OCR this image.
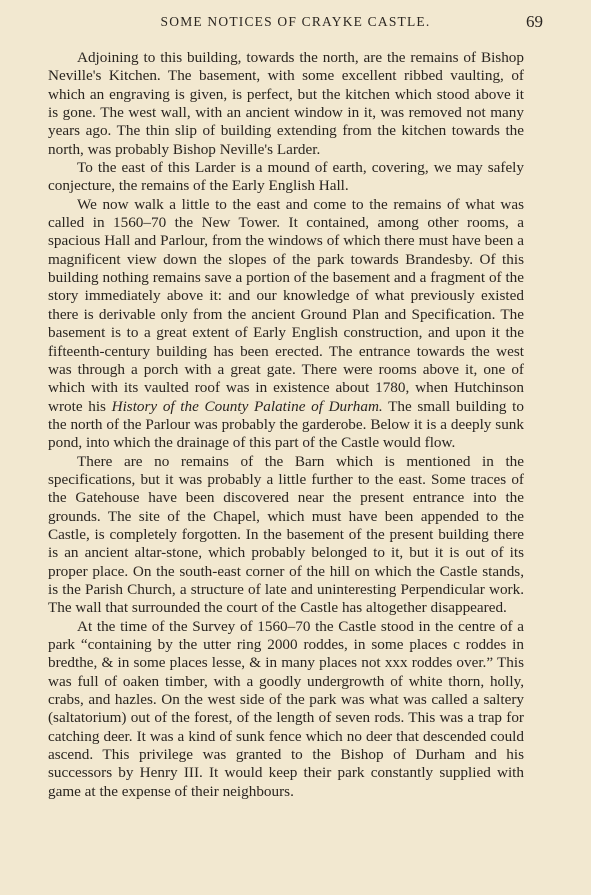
SOME NOTICES OF CRAYKE CASTLE.	69

Adjoining to this building, towards the north, are the remains of Bishop Neville's Kitchen. The basement, with some excellent ribbed vaulting, of which an engraving is given, is perfect, but the kitchen which stood above it is gone. The west wall, with an ancient window in it, was removed not many years ago. The thin slip of building extending from the kitchen towards the north, was probably Bishop Neville's Larder.

To the east of this Larder is a mound of earth, covering, we may safely conjecture, the remains of the Early English Hall.

We now walk a little to the east and come to the remains of what was called in 1560–70 the New Tower. It contained, among other rooms, a spacious Hall and Parlour, from the windows of which there must have been a magnificent view down the slopes of the park towards Brandesby. Of this building nothing remains save a portion of the basement and a fragment of the story immediately above it: and our knowledge of what previously existed there is derivable only from the ancient Ground Plan and Specification. The basement is to a great extent of Early English construction, and upon it the fifteenth-century building has been erected. The entrance towards the west was through a porch with a great gate. There were rooms above it, one of which with its vaulted roof was in existence about 1780, when Hutchinson wrote his History of the County Palatine of Durham. The small building to the north of the Parlour was probably the garderobe. Below it is a deeply sunk pond, into which the drainage of this part of the Castle would flow.

There are no remains of the Barn which is mentioned in the specifications, but it was probably a little further to the east. Some traces of the Gatehouse have been discovered near the present entrance into the grounds. The site of the Chapel, which must have been appended to the Castle, is completely forgotten. In the basement of the present building there is an ancient altar-stone, which probably belonged to it, but it is out of its proper place. On the south-east corner of the hill on which the Castle stands, is the Parish Church, a structure of late and uninteresting Perpendicular work. The wall that surrounded the court of the Castle has altogether disappeared.

At the time of the Survey of 1560–70 the Castle stood in the centre of a park “containing by the utter ring 2000 roddes, in some places c roddes in bredthe, & in some places lesse, & in many places not xxx roddes over.” This was full of oaken timber, with a goodly undergrowth of white thorn, holly, crabs, and hazles. On the west side of the park was what was called a saltery (saltatorium) out of the forest, of the length of seven rods. This was a trap for catching deer. It was a kind of sunk fence which no deer that descended could ascend. This privilege was granted to the Bishop of Durham and his successors by Henry III. It would keep their park constantly supplied with game at the expense of their neighbours.
